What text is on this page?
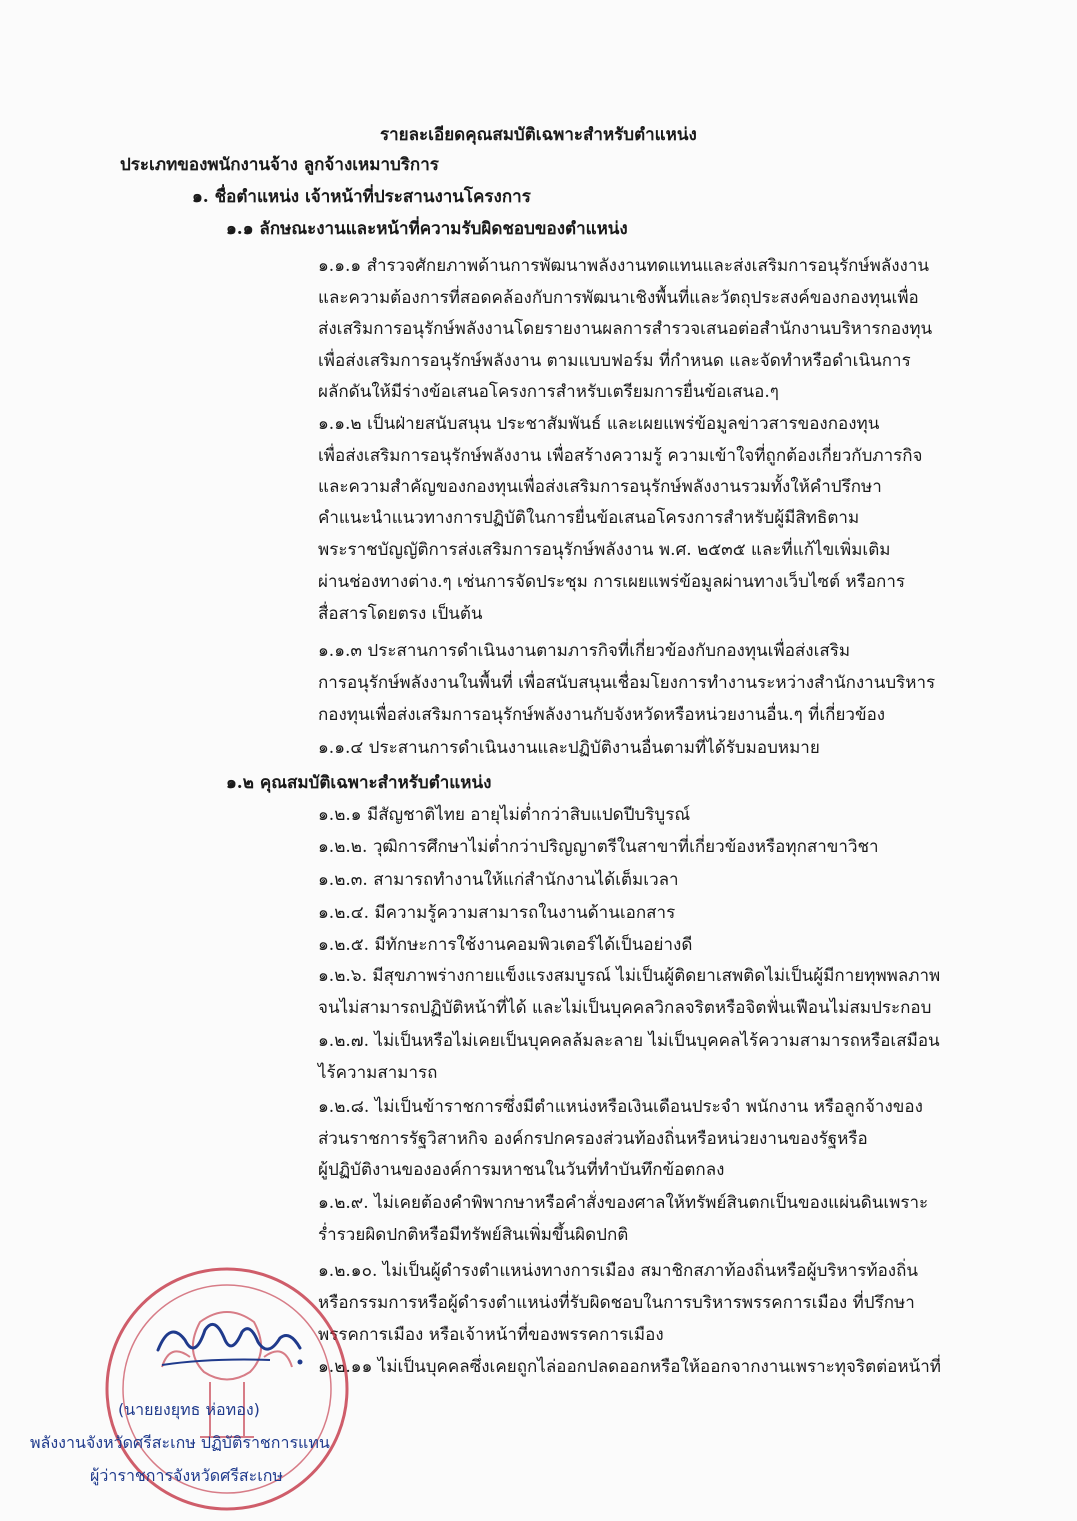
รายละเอียดคุณสมบัติเฉพาะสำหรับตำแหน่ง
ประเภทของพนักงานจ้าง ลูกจ้างเหมาบริการ
๑. ชื่อตำแหน่ง เจ้าหน้าที่ประสานงานโครงการ
๑.๑ ลักษณะงานและหน้าที่ความรับผิดชอบของตำแหน่ง
๑.๑.๑ สำรวจศักยภาพด้านการพัฒนาพลังงานทดแทนและส่งเสริมการอนุรักษ์พลังงาน
และความต้องการที่สอดคล้องกับการพัฒนาเชิงพื้นที่และวัตถุประสงค์ของกองทุนเพื่อ
ส่งเสริมการอนุรักษ์พลังงานโดยรายงานผลการสำรวจเสนอต่อสำนักงานบริหารกองทุน
เพื่อส่งเสริมการอนุรักษ์พลังงาน ตามแบบฟอร์ม ที่กำหนด และจัดทำหรือดำเนินการ
ผลักดันให้มีร่างข้อเสนอโครงการสำหรับเตรียมการยื่นข้อเสนอ.ๆ
๑.๑.๒ เป็นฝ่ายสนับสนุน ประชาสัมพันธ์ และเผยแพร่ข้อมูลข่าวสารของกองทุน
เพื่อส่งเสริมการอนุรักษ์พลังงาน เพื่อสร้างความรู้ ความเข้าใจที่ถูกต้องเกี่ยวกับภารกิจ
และความสำคัญของกองทุนเพื่อส่งเสริมการอนุรักษ์พลังงานรวมทั้งให้คำปรึกษา
คำแนะนำแนวทางการปฏิบัติในการยื่นข้อเสนอโครงการสำหรับผู้มีสิทธิตาม
พระราชบัญญัติการส่งเสริมการอนุรักษ์พลังงาน พ.ศ. ๒๕๓๕ และที่แก้ไขเพิ่มเติม
ผ่านช่องทางต่าง.ๆ เช่นการจัดประชุม การเผยแพร่ข้อมูลผ่านทางเว็บไซต์ หรือการ
สื่อสารโดยตรง เป็นต้น
๑.๑.๓ ประสานการดำเนินงานตามภารกิจที่เกี่ยวข้องกับกองทุนเพื่อส่งเสริม
การอนุรักษ์พลังงานในพื้นที่ เพื่อสนับสนุนเชื่อมโยงการทำงานระหว่างสำนักงานบริหาร
กองทุนเพื่อส่งเสริมการอนุรักษ์พลังงานกับจังหวัดหรือหน่วยงานอื่น.ๆ ที่เกี่ยวข้อง
๑.๑.๔ ประสานการดำเนินงานและปฏิบัติงานอื่นตามที่ได้รับมอบหมาย
๑.๒ คุณสมบัติเฉพาะสำหรับตำแหน่ง
๑.๒.๑ มีสัญชาติไทย อายุไม่ต่ำกว่าสิบแปดปีบริบูรณ์
๑.๒.๒. วุฒิการศึกษาไม่ต่ำกว่าปริญญาตรีในสาขาที่เกี่ยวข้องหรือทุกสาขาวิชา
๑.๒.๓. สามารถทำงานให้แก่สำนักงานได้เต็มเวลา
๑.๒.๔. มีความรู้ความสามารถในงานด้านเอกสาร
๑.๒.๕. มีทักษะการใช้งานคอมพิวเตอร์ได้เป็นอย่างดี
๑.๒.๖. มีสุขภาพร่างกายแข็งแรงสมบูรณ์ ไม่เป็นผู้ติดยาเสพติดไม่เป็นผู้มีกายทุพพลภาพ
จนไม่สามารถปฏิบัติหน้าที่ได้ และไม่เป็นบุคคลวิกลจริตหรือจิตฟั่นเฟือนไม่สมประกอบ
๑.๒.๗. ไม่เป็นหรือไม่เคยเป็นบุคคลล้มละลาย ไม่เป็นบุคคลไร้ความสามารถหรือเสมือน
ไร้ความสามารถ
๑.๒.๘. ไม่เป็นข้าราชการซึ่งมีตำแหน่งหรือเงินเดือนประจำ พนักงาน หรือลูกจ้างของ
ส่วนราชการรัฐวิสาหกิจ องค์กรปกครองส่วนท้องถิ่นหรือหน่วยงานของรัฐหรือ
ผู้ปฏิบัติงานขององค์การมหาชนในวันที่ทำบันทึกข้อตกลง
๑.๒.๙. ไม่เคยต้องคำพิพากษาหรือคำสั่งของศาลให้ทรัพย์สินตกเป็นของแผ่นดินเพราะ
ร่ำรวยผิดปกติหรือมีทรัพย์สินเพิ่มขึ้นผิดปกติ
๑.๒.๑๐. ไม่เป็นผู้ดำรงตำแหน่งทางการเมือง สมาชิกสภาท้องถิ่นหรือผู้บริหารท้องถิ่น
หรือกรรมการหรือผู้ดำรงตำแหน่งที่รับผิดชอบในการบริหารพรรคการเมือง ที่ปรึกษา
พรรคการเมือง หรือเจ้าหน้าที่ของพรรคการเมือง
๑.๒.๑๑ ไม่เป็นบุคคลซึ่งเคยถูกไล่ออกปลดออกหรือให้ออกจากงานเพราะทุจริตต่อหน้าที่
(นายยงยุทธ ห่อทอง)
พลังงานจังหวัดศรีสะเกษ ปฏิบัติราชการแทน
ผู้ว่าราชการจังหวัดศรีสะเกษ
